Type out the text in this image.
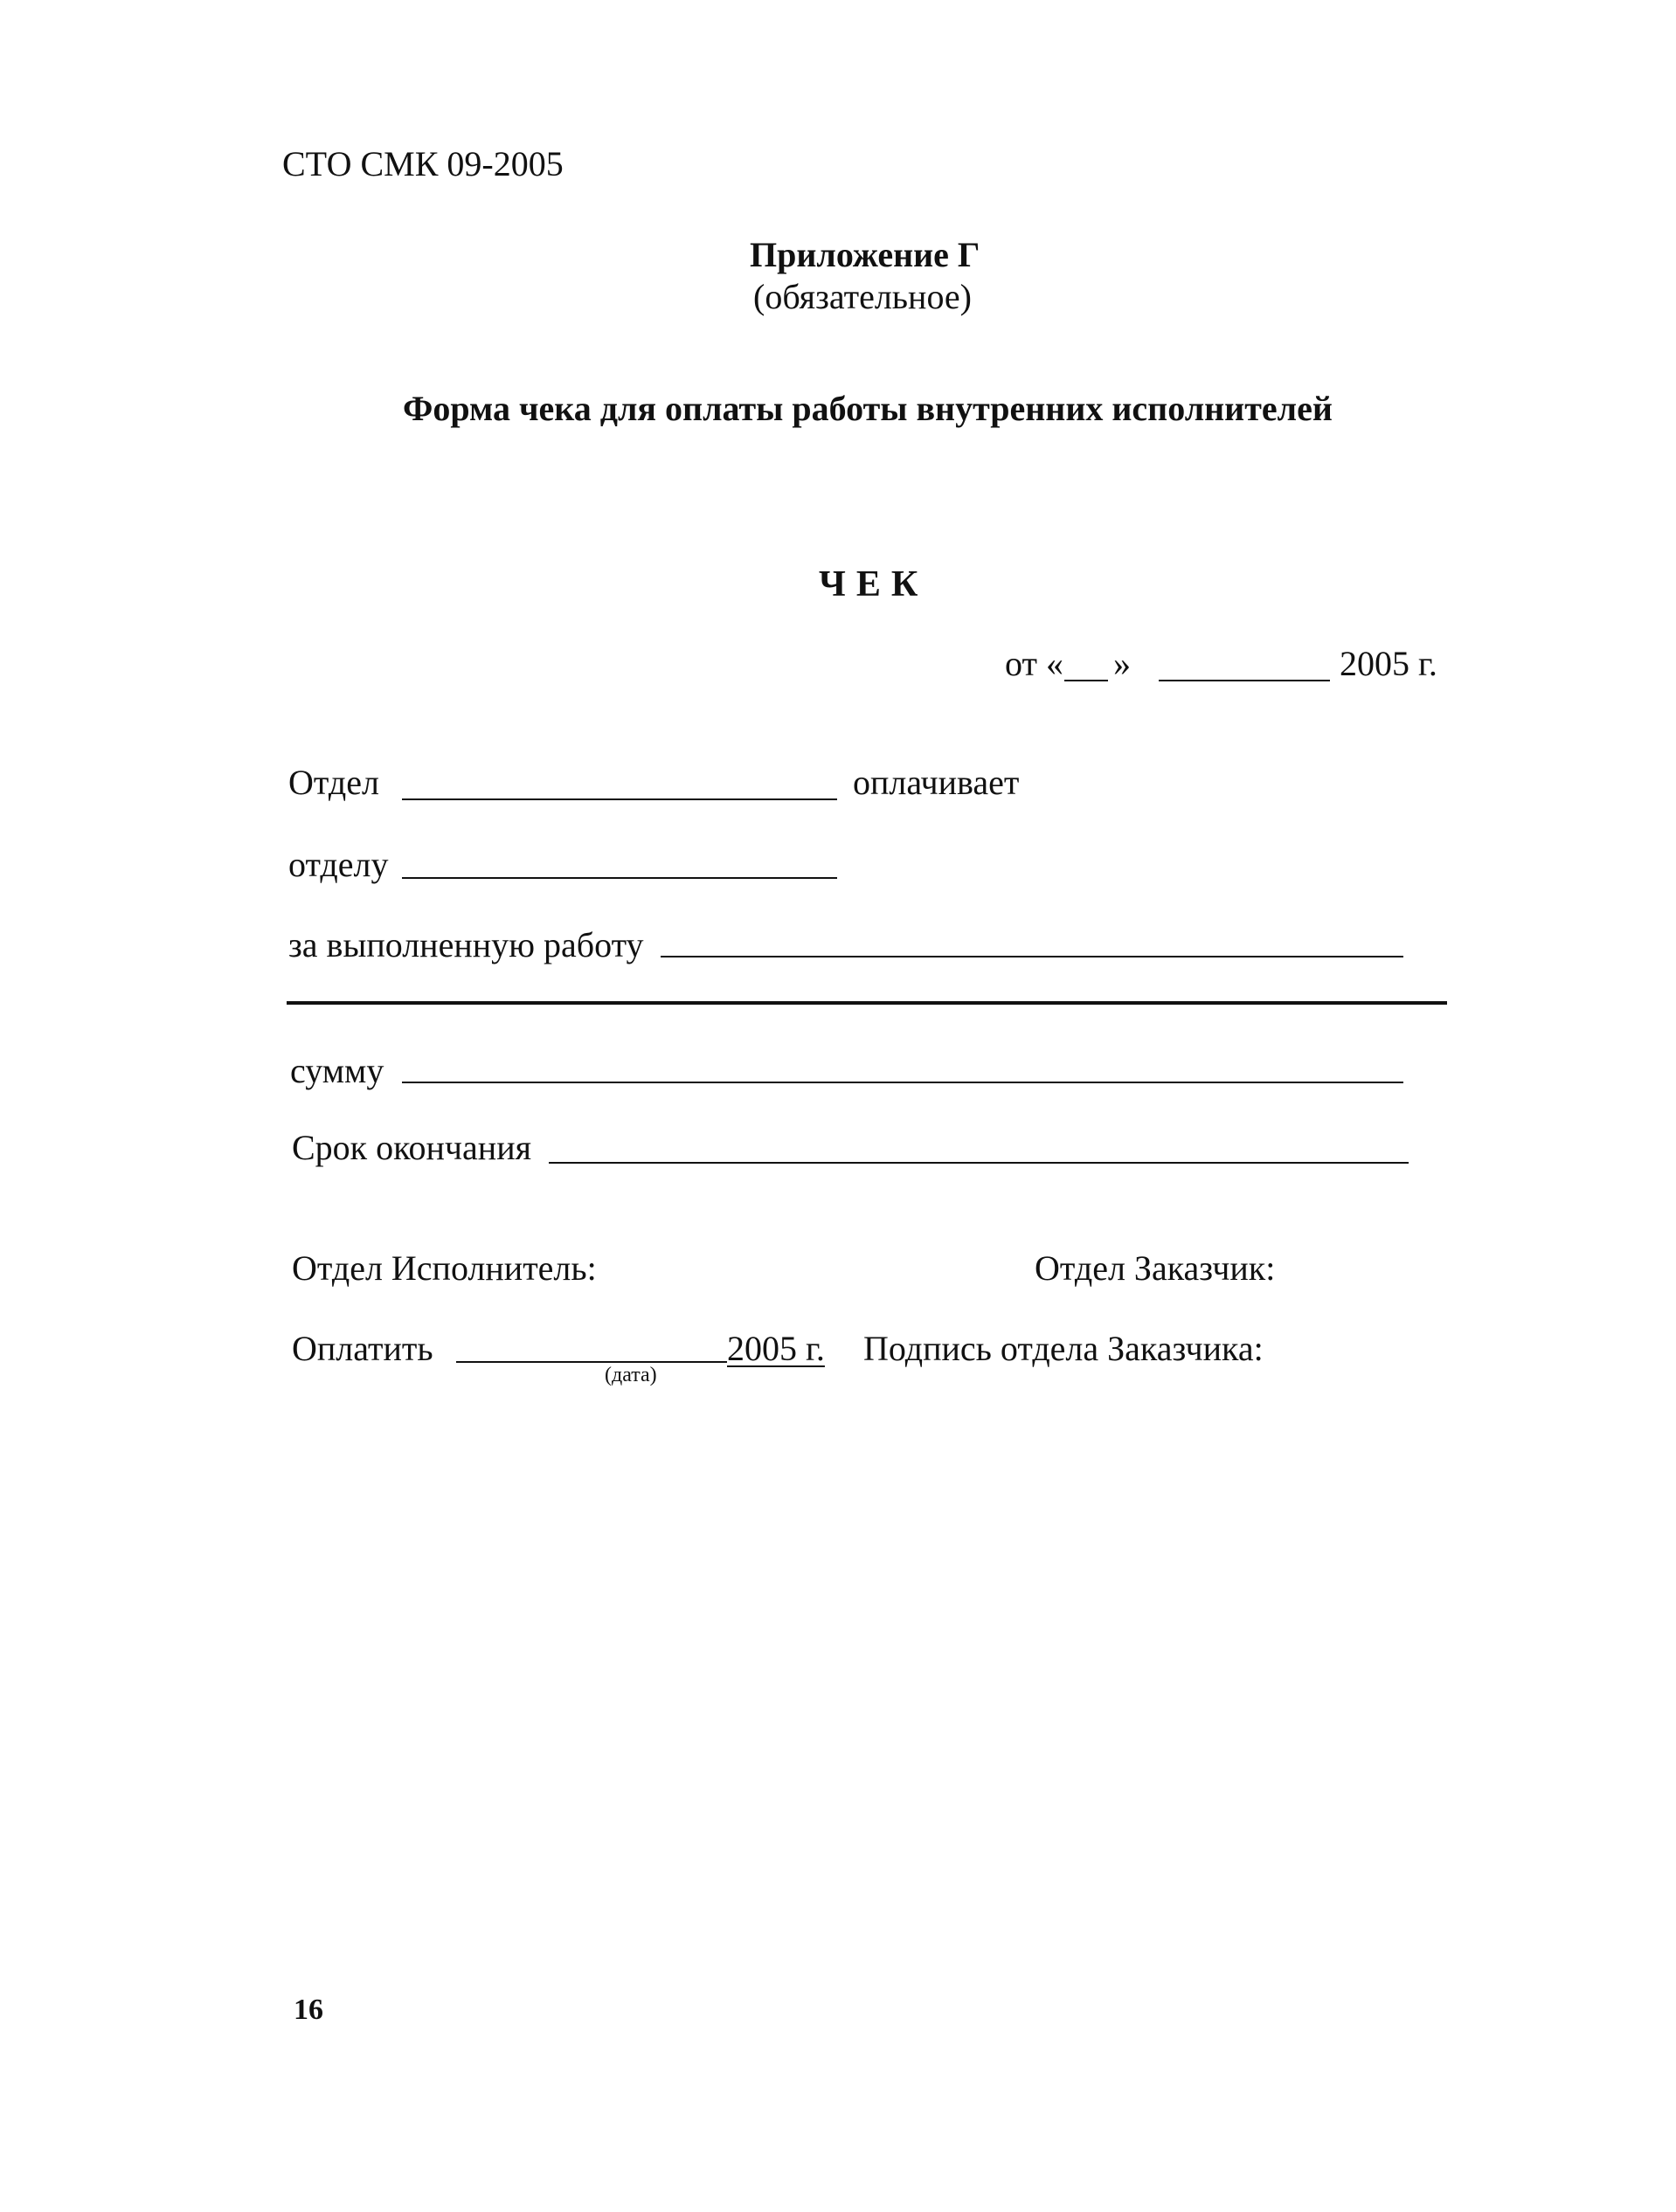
СТО СМК 09-2005
Приложение Г
(обязательное)
Форма чека для оплаты работы внутренних исполнителей
ЧЕК
от « »	2005 г.
Отдел	оплачивает
отделу
за выполненную работу
сумму
Срок окончания
Отдел Исполнитель:	Отдел Заказчик:
Оплатить	2005 г.
(дата)
Подпись отдела Заказчика:
16
